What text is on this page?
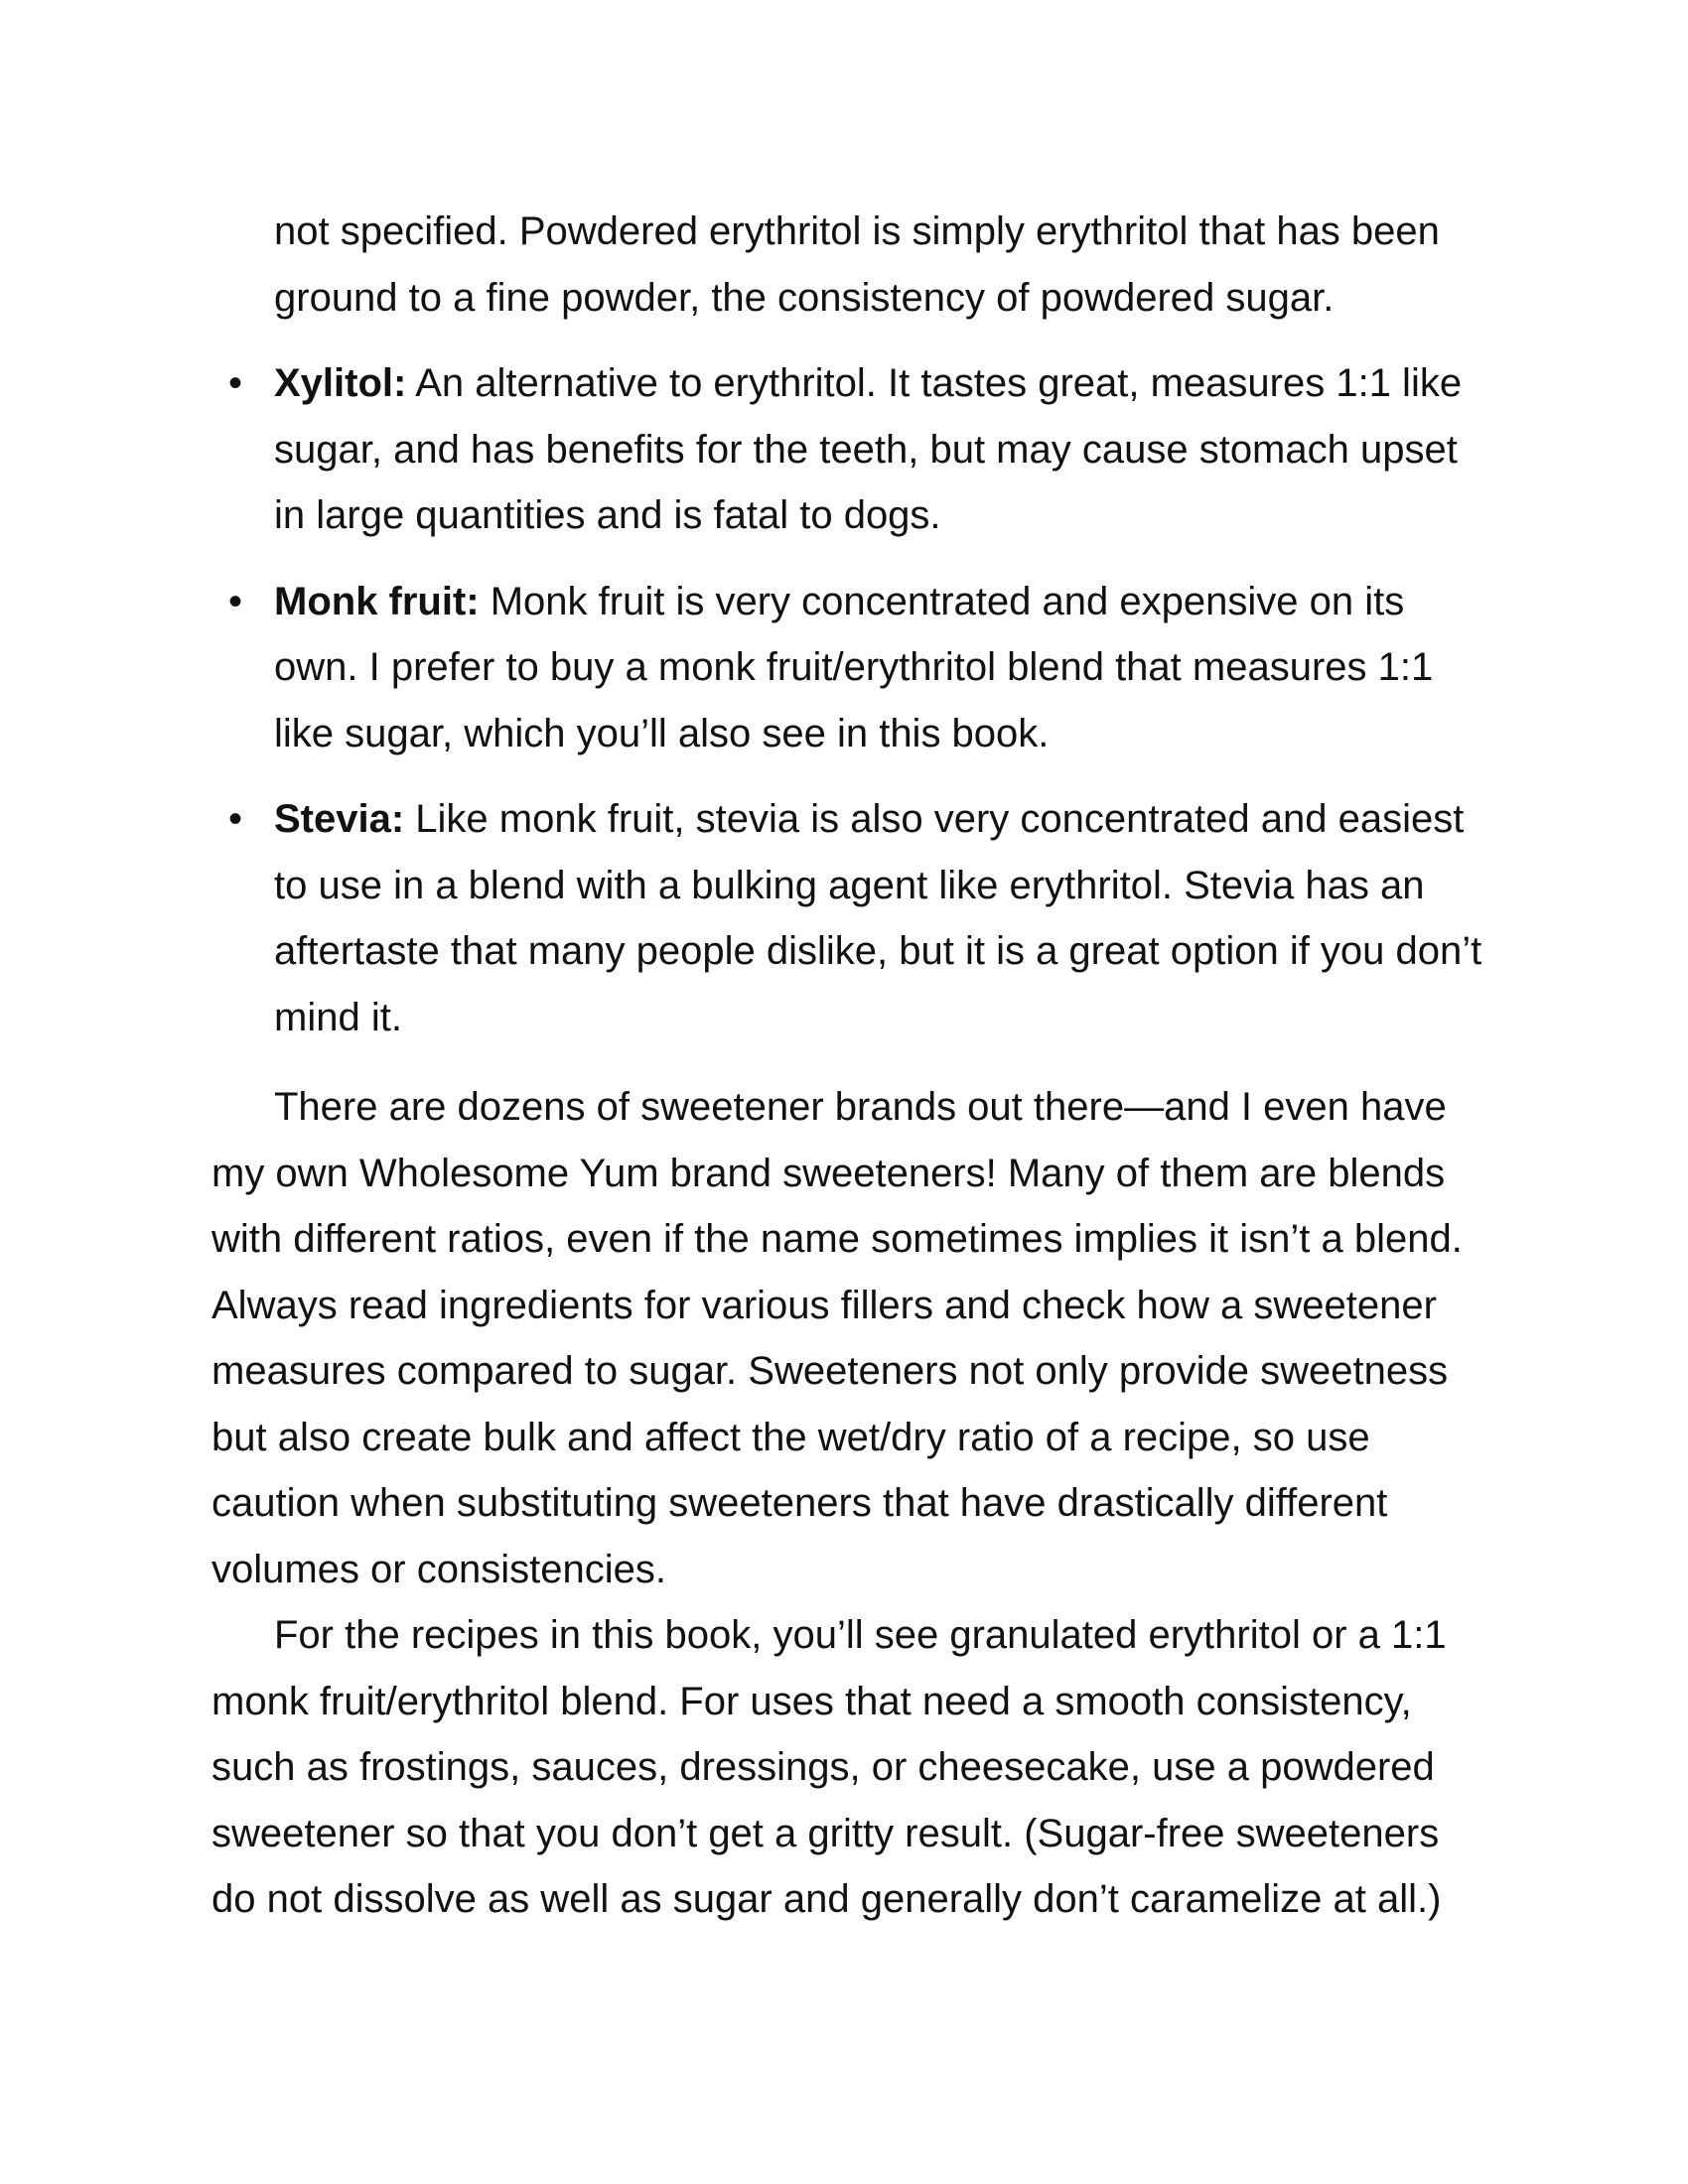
not specified. Powdered erythritol is simply erythritol that has been ground to a fine powder, the consistency of powdered sugar.

• Xylitol: An alternative to erythritol. It tastes great, measures 1:1 like sugar, and has benefits for the teeth, but may cause stomach upset in large quantities and is fatal to dogs.
• Monk fruit: Monk fruit is very concentrated and expensive on its own. I prefer to buy a monk fruit/erythritol blend that measures 1:1 like sugar, which you’ll also see in this book.
• Stevia: Like monk fruit, stevia is also very concentrated and easiest to use in a blend with a bulking agent like erythritol. Stevia has an aftertaste that many people dislike, but it is a great option if you don’t mind it.

There are dozens of sweetener brands out there—and I even have my own Wholesome Yum brand sweeteners! Many of them are blends with different ratios, even if the name sometimes implies it isn’t a blend. Always read ingredients for various fillers and check how a sweetener measures compared to sugar. Sweeteners not only provide sweetness but also create bulk and affect the wet/dry ratio of a recipe, so use caution when substituting sweeteners that have drastically different volumes or consistencies.

For the recipes in this book, you’ll see granulated erythritol or a 1:1 monk fruit/erythritol blend. For uses that need a smooth consistency, such as frostings, sauces, dressings, or cheesecake, use a powdered sweetener so that you don’t get a gritty result. (Sugar-free sweeteners do not dissolve as well as sugar and generally don’t caramelize at all.)
